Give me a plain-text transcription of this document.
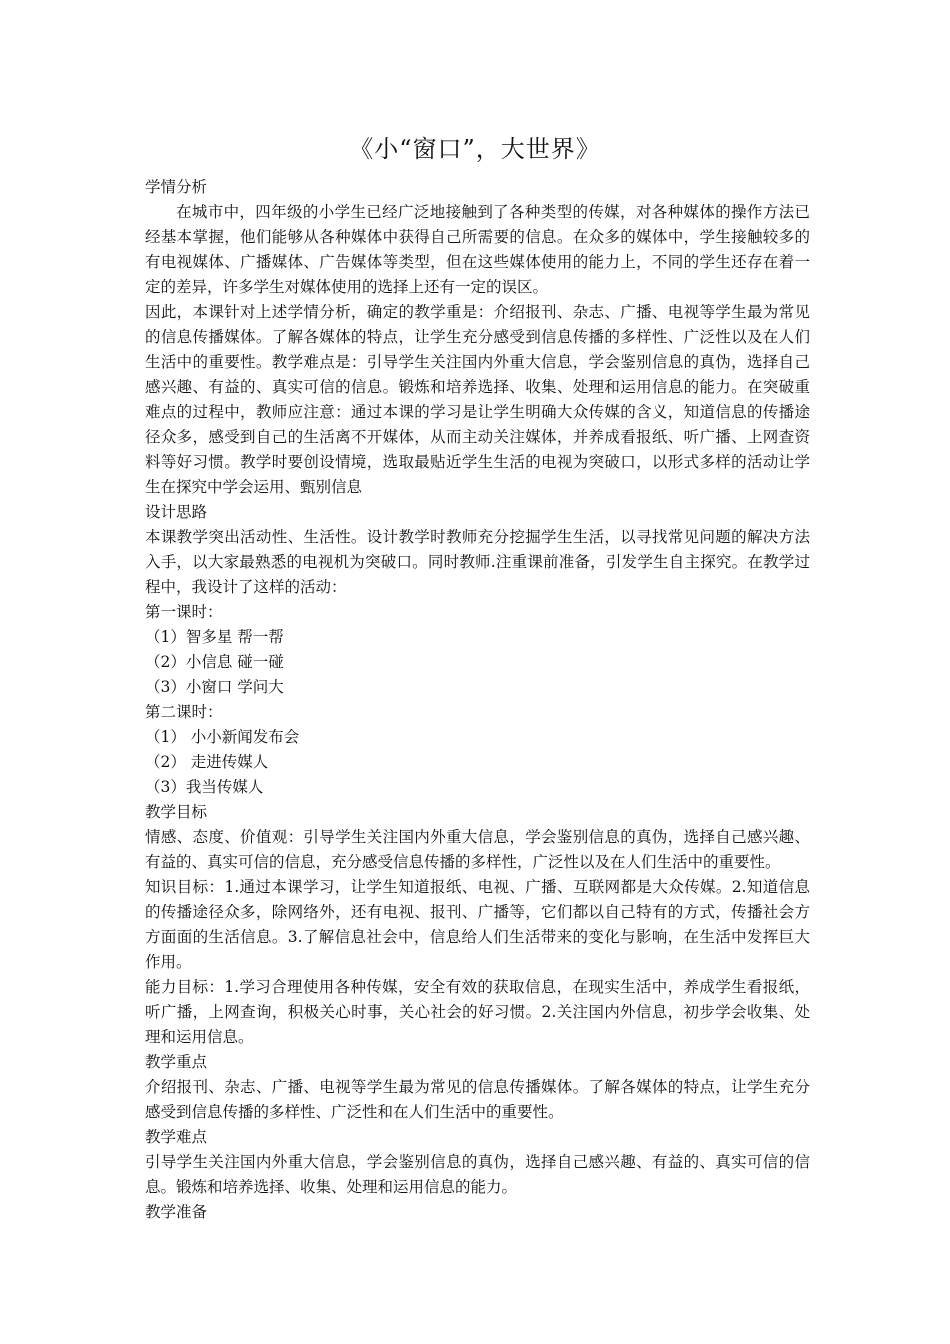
《小“窗口”，大世界》

学情分析

在城市中，四年级的小学生已经广泛地接触到了各种类型的传媒，对各种媒体的操作方法已经基本掌握，他们能够从各种媒体中获得自己所需要的信息。在众多的媒体中，学生接触较多的有电视媒体、广播媒体、广告媒体等类型，但在这些媒体使用的能力上，不同的学生还存在着一定的差异，许多学生对媒体使用的选择上还有一定的误区。

因此，本课针对上述学情分析，确定的教学重是：介绍报刊、杂志、广播、电视等学生最为常见的信息传播媒体。了解各媒体的特点，让学生充分感受到信息传播的多样性、广泛性以及在人们生活中的重要性。教学难点是：引导学生关注国内外重大信息，学会鉴别信息的真伪，选择自己感兴趣、有益的、真实可信的信息。锻炼和培养选择、收集、处理和运用信息的能力。在突破重难点的过程中，教师应注意：通过本课的学习是让学生明确大众传媒的含义，知道信息的传播途径众多，感受到自己的生活离不开媒体，从而主动关注媒体，并养成看报纸、听广播、上网查资料等好习惯。教学时要创设情境，选取最贴近学生生活的电视为突破口，以形式多样的活动让学生在探究中学会运用、甄别信息

设计思路

本课教学突出活动性、生活性。设计教学时教师充分挖掘学生生活，以寻找常见问题的解决方法入手，以大家最熟悉的电视机为突破口。同时教师.注重课前准备，引发学生自主探究。在教学过程中，我设计了这样的活动：

第一课时：

（1）智多星 帮一帮

（2）小信息 碰一碰

（3）小窗口 学问大

第二课时：

（1） 小小新闻发布会

（2） 走进传媒人

（3）我当传媒人

教学目标

情感、态度、价值观：引导学生关注国内外重大信息，学会鉴别信息的真伪，选择自己感兴趣、有益的、真实可信的信息，充分感受信息传播的多样性，广泛性以及在人们生活中的重要性。

知识目标：1.通过本课学习，让学生知道报纸、电视、广播、互联网都是大众传媒。2.知道信息的传播途径众多，除网络外，还有电视、报刊、广播等，它们都以自己特有的方式，传播社会方方面面的生活信息。3.了解信息社会中，信息给人们生活带来的变化与影响，在生活中发挥巨大作用。

能力目标：1.学习合理使用各种传媒，安全有效的获取信息，在现实生活中，养成学生看报纸，听广播，上网查询，积极关心时事，关心社会的好习惯。2.关注国内外信息，初步学会收集、处理和运用信息。

教学重点

介绍报刊、杂志、广播、电视等学生最为常见的信息传播媒体。了解各媒体的特点，让学生充分感受到信息传播的多样性、广泛性和在人们生活中的重要性。

教学难点

引导学生关注国内外重大信息，学会鉴别信息的真伪，选择自己感兴趣、有益的、真实可信的信息。锻炼和培养选择、收集、处理和运用信息的能力。

教学准备
